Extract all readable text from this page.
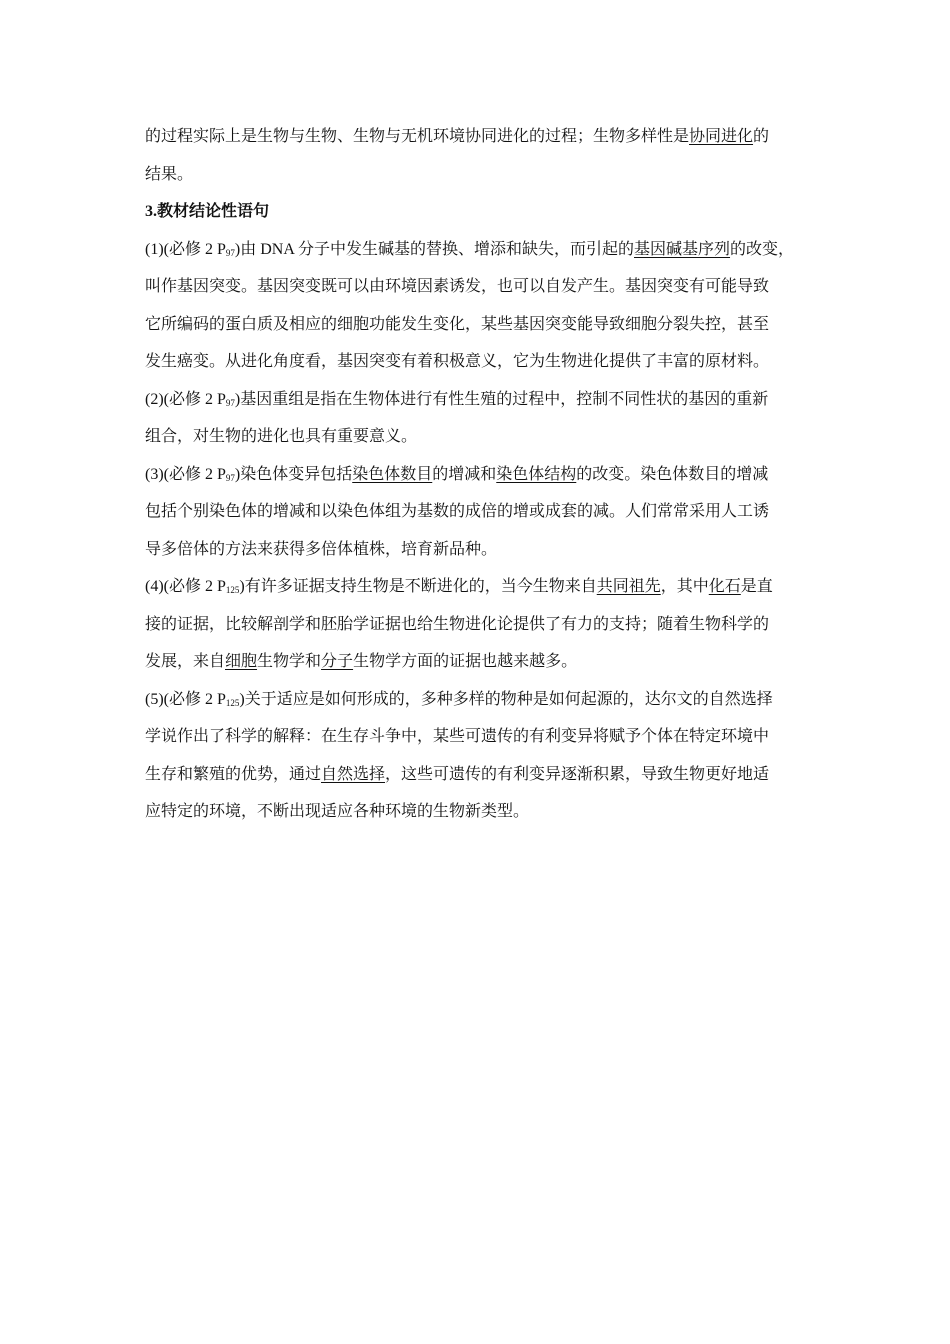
的过程实际上是生物与生物、生物与无机环境协同进化的过程；生物多样性是协同进化的
结果。
3.教材结论性语句
(1)(必修 2 $P_{97}$)由 DNA 分子中发生碱基的替换、增添和缺失，而引起的基因碱基序列的改变，
叫作基因突变。基因突变既可以由环境因素诱发，也可以自发产生。基因突变有可能导致
它所编码的蛋白质及相应的细胞功能发生变化，某些基因突变能导致细胞分裂失控，甚至
发生癌变。从进化角度看，基因突变有着积极意义，它为生物进化提供了丰富的原材料。
(2)(必修 2 $P_{97}$)基因重组是指在生物体进行有性生殖的过程中，控制不同性状的基因的重新
组合，对生物的进化也具有重要意义。
(3)(必修 2 $P_{97}$)染色体变异包括染色体数目的增减和染色体结构的改变。染色体数目的增减
包括个别染色体的增减和以染色体组为基数的成倍的增或成套的减。人们常常采用人工诱
导多倍体的方法来获得多倍体植株，培育新品种。
(4)(必修 2 $P_{125}$)有许多证据支持生物是不断进化的，当今生物来自共同祖先，其中化石是直
接的证据，比较解剖学和胚胎学证据也给生物进化论提供了有力的支持；随着生物科学的
发展，来自细胞生物学和分子生物学方面的证据也越来越多。
(5)(必修 2 $P_{125}$)关于适应是如何形成的，多种多样的物种是如何起源的，达尔文的自然选择
学说作出了科学的解释：在生存斗争中，某些可遗传的有利变异将赋予个体在特定环境中
生存和繁殖的优势，通过自然选择，这些可遗传的有利变异逐渐积累，导致生物更好地适
应特定的环境，不断出现适应各种环境的生物新类型。
